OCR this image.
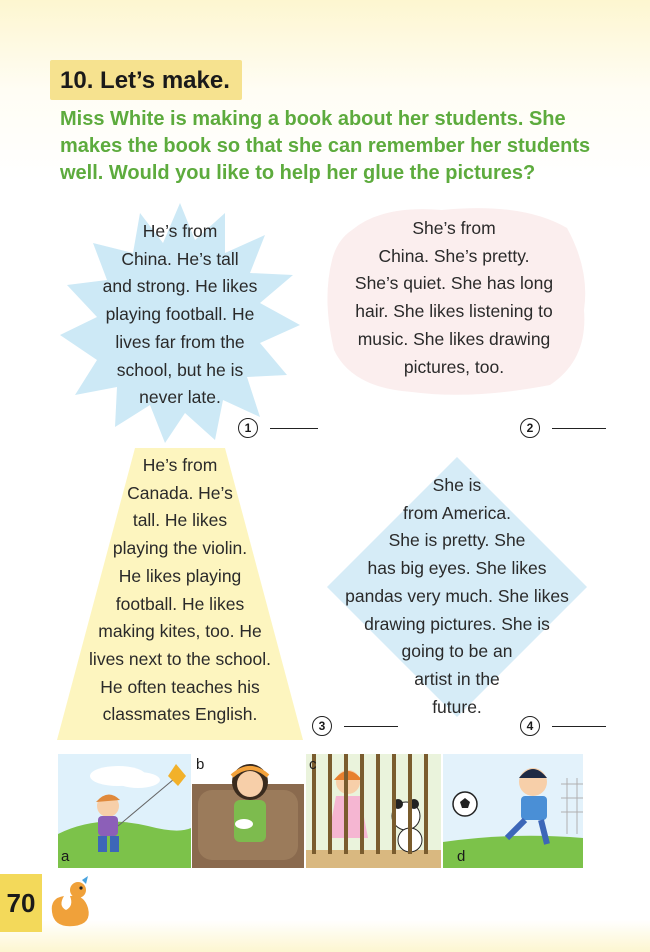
10. Let’s make.
Miss White is making a book about her students. She
makes the book so that she can remember her students
well. Would you like to help her glue the pictures?
He’s from
China. He’s tall
and strong. He likes
playing football. He
lives far from the
school, but he is
never late.
1
She’s from
China. She’s pretty.
She’s quiet. She has long
hair. She likes listening to
music. She likes drawing
pictures, too.
2
He’s from
Canada. He’s
tall. He likes
playing the violin.
He likes playing
football. He likes
making kites, too. He
lives next to the school.
He often teaches his
classmates English.
3
She is
from America.
She is pretty. She
has big eyes. She likes
pandas very much. She likes
drawing pictures. She is
going to be an
artist in the
future.
4
a
b	c
d
70
